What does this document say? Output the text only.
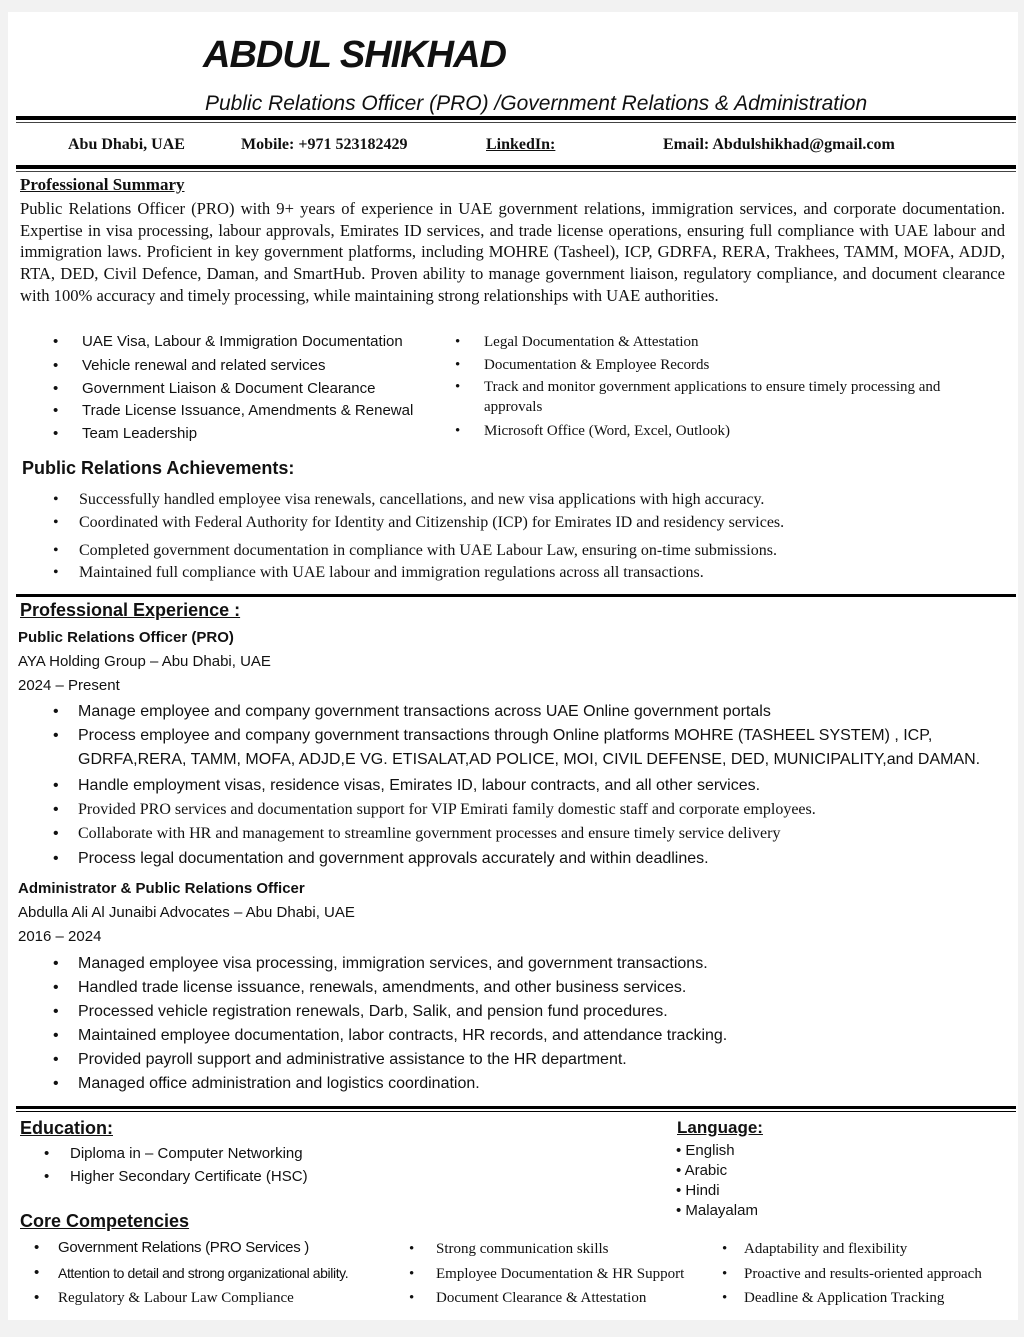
ABDUL SHIKHAD
Public Relations Officer (PRO) /Government Relations & Administration
Abu Dhabi, UAE	Mobile: +971 523182429	LinkedIn:	Email: Abdulshikhad@gmail.com
Professional Summary
Public Relations Officer (PRO) with 9+ years of experience in UAE government relations, immigration services, and corporate documentation. Expertise in visa processing, labour approvals, Emirates ID services, and trade license operations, ensuring full compliance with UAE labour and immigration laws. Proficient in key government platforms, including MOHRE (Tasheel), ICP, GDRFA, RERA, Trakhees, TAMM, MOFA, ADJD, RTA, DED, Civil Defence, Daman, and SmartHub. Proven ability to manage government liaison, regulatory compliance, and document clearance with 100% accuracy and timely processing, while maintaining strong relationships with UAE authorities.
• UAE Visa, Labour & Immigration Documentation
• Vehicle renewal and related services
• Government Liaison & Document Clearance
• Trade License Issuance, Amendments & Renewal
• Team Leadership
• Legal Documentation & Attestation
• Documentation & Employee Records
• Track and monitor government applications to ensure timely processing and approvals
• Microsoft Office (Word, Excel, Outlook)
Public Relations Achievements:
• Successfully handled employee visa renewals, cancellations, and new visa applications with high accuracy.
• Coordinated with Federal Authority for Identity and Citizenship (ICP) for Emirates ID and residency services.
• Completed government documentation in compliance with UAE Labour Law, ensuring on-time submissions.
• Maintained full compliance with UAE labour and immigration regulations across all transactions.
Professional Experience :
Public Relations Officer (PRO)
AYA Holding Group – Abu Dhabi, UAE
2024 – Present
• Manage employee and company government transactions across UAE Online government portals
• Process employee and company government transactions through Online platforms MOHRE (TASHEEL SYSTEM) , ICP,
GDRFA,RERA, TAMM, MOFA, ADJD,E VG. ETISALAT,AD POLICE, MOI, CIVIL DEFENSE, DED, MUNICIPALITY,and DAMAN.
• Handle employment visas, residence visas, Emirates ID, labour contracts, and all other services.
• Provided PRO services and documentation support for VIP Emirati family domestic staff and corporate employees.
• Collaborate with HR and management to streamline government processes and ensure timely service delivery
• Process legal documentation and government approvals accurately and within deadlines.
Administrator & Public Relations Officer
Abdulla Ali Al Junaibi Advocates – Abu Dhabi, UAE
2016 – 2024
• Managed employee visa processing, immigration services, and government transactions.
• Handled trade license issuance, renewals, amendments, and other business services.
• Processed vehicle registration renewals, Darb, Salik, and pension fund procedures.
• Maintained employee documentation, labor contracts, HR records, and attendance tracking.
• Provided payroll support and administrative assistance to the HR department.
• Managed office administration and logistics coordination.
Education:
• Diploma in – Computer Networking
• Higher Secondary Certificate (HSC)
Language:
• English
• Arabic
• Hindi
• Malayalam
Core Competencies
• Government Relations (PRO Services )
• Attention to detail and strong organizational ability.
• Regulatory & Labour Law Compliance
• Strong communication skills
• Employee Documentation & HR Support
• Document Clearance & Attestation
• Adaptability and flexibility
• Proactive and results-oriented approach
• Deadline & Application Tracking
